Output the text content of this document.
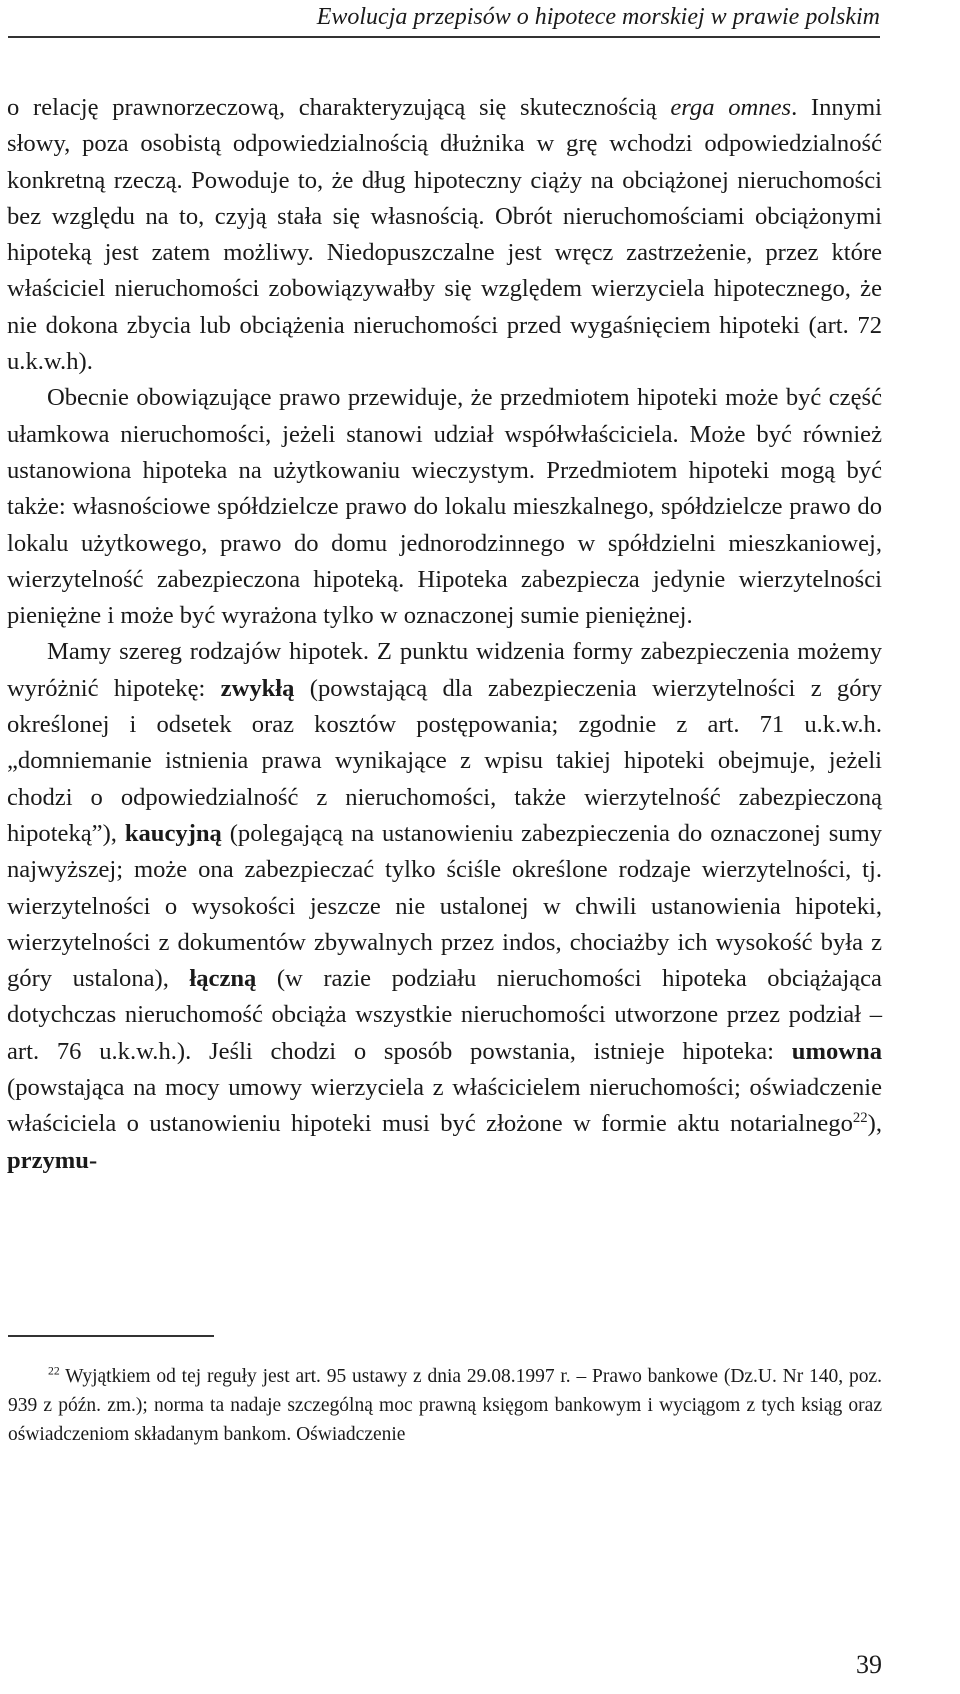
Ewolucja przepisów o hipotece morskiej w prawie polskim

o relację prawnorzeczową, charakteryzującą się skutecznością erga omnes. Innymi słowy, poza osobistą odpowiedzialnością dłużnika w grę wchodzi odpowiedzialność konkretną rzeczą. Powoduje to, że dług hipoteczny ciąży na obciążonej nieruchomości bez względu na to, czyją stała się własnością. Obrót nieruchomościami obciążonymi hipoteką jest zatem możliwy. Niedopuszczalne jest wręcz zastrzeżenie, przez które właściciel nieruchomości zobowiązywałby się względem wierzyciela hipotecznego, że nie dokona zbycia lub obciążenia nieruchomości przed wygaśnięciem hipoteki (art. 72 u.k.w.h).

Obecnie obowiązujące prawo przewiduje, że przedmiotem hipoteki może być część ułamkowa nieruchomości, jeżeli stanowi udział współwłaściciela. Może być również ustanowiona hipoteka na użytkowaniu wieczystym. Przedmiotem hipoteki mogą być także: własnościowe spółdzielcze prawo do lokalu mieszkalnego, spółdzielcze prawo do lokalu użytkowego, prawo do domu jednorodzinnego w spółdzielni mieszkaniowej, wierzytelność zabezpieczona hipoteką. Hipoteka zabezpiecza jedynie wierzytelności pieniężne i może być wyrażona tylko w oznaczonej sumie pieniężnej.

Mamy szereg rodzajów hipotek. Z punktu widzenia formy zabezpieczenia możemy wyróżnić hipotekę: zwykłą (powstającą dla zabezpieczenia wierzytelności z góry określonej i odsetek oraz kosztów postępowania; zgodnie z art. 71 u.k.w.h. „domniemanie istnienia prawa wynikające z wpisu takiej hipoteki obejmuje, jeżeli chodzi o odpowiedzialność z nieruchomości, także wierzytelność zabezpieczoną hipoteką”), kaucyjną (polegającą na ustanowieniu zabezpieczenia do oznaczonej sumy najwyższej; może ona zabezpieczać tylko ściśle określone rodzaje wierzytelności, tj. wierzytelności o wysokości jeszcze nie ustalonej w chwili ustanowienia hipoteki, wierzytelności z dokumentów zbywalnych przez indos, chociażby ich wysokość była z góry ustalona), łączną (w razie podziału nieruchomości hipoteka obciążająca dotychczas nieruchomość obciąża wszystkie nieruchomości utworzone przez podział – art. 76 u.k.w.h.). Jeśli chodzi o sposób powstania, istnieje hipoteka: umowna (powstająca na mocy umowy wierzyciela z właścicielem nieruchomości; oświadczenie właściciela o ustanowieniu hipoteki musi być złożone w formie aktu notarialnego$^{22}$), przymu-

$^{22}$ Wyjątkiem od tej reguły jest art. 95 ustawy z dnia 29.08.1997 r. – Prawo bankowe (Dz.U. Nr 140, poz. 939 z późn. zm.); norma ta nadaje szczególną moc prawną księgom bankowym i wyciągom z tych ksiąg oraz oświadczeniom składanym bankom. Oświadczenie

39
